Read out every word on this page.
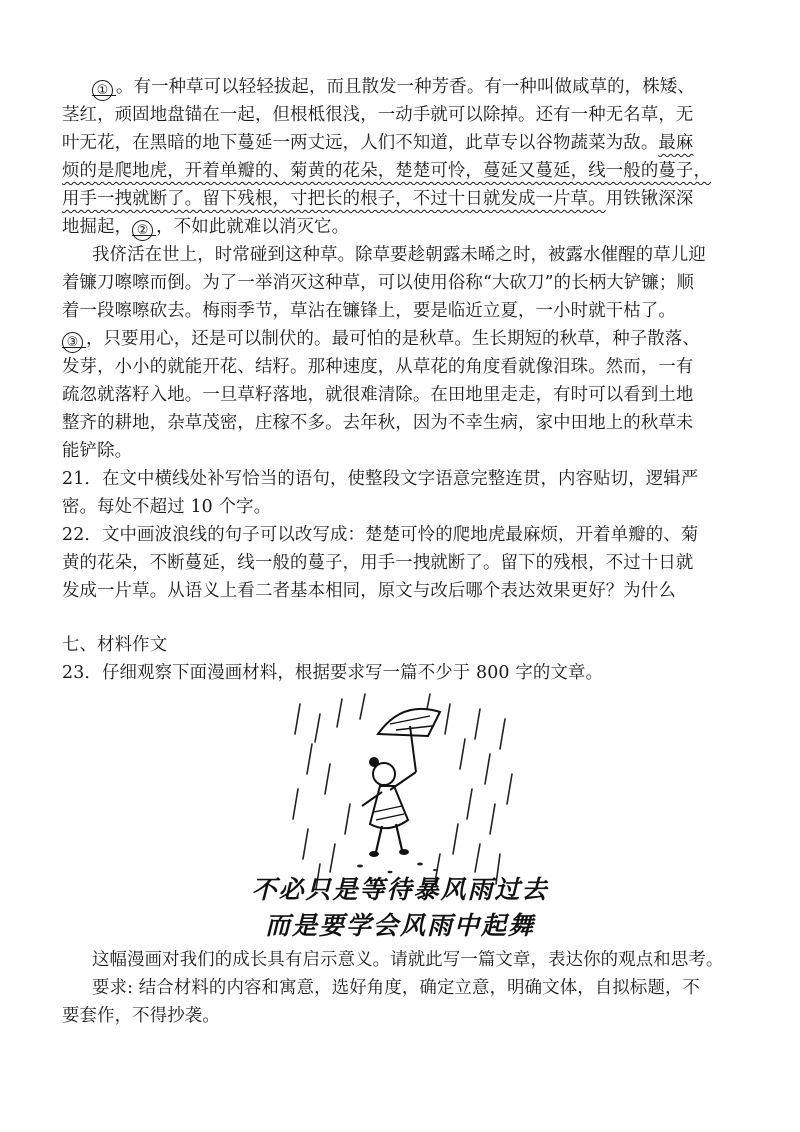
① 。有一种草可以轻轻拔起，而且散发一种芳香。有一种叫做咸草的，株矮、
茎红，顽固地盘锚在一起，但根柢很浅，一动手就可以除掉。还有一种无名草，无
叶无花，在黑暗的地下蔓延一两丈远，人们不知道，此草专以谷物蔬菜为敌。最麻
烦的是爬地虎，开着单瓣的、菊黄的花朵，楚楚可怜，蔓延又蔓延，线一般的蔓子，
用手一拽就断了。留下残根，寸把长的根子，不过十日就发成一片草。用铁锹深深
地掘起， ② ，不如此就难以消灭它。
我侪活在世上，时常碰到这种草。除草要趁朝露未晞之时，被露水催醒的草儿迎
着镰刀嚓嚓而倒。为了一举消灭这种草，可以使用俗称“大砍刀”的长柄大铲镰；顺
着一段嚓嚓砍去。梅雨季节，草沾在镰锋上，要是临近立夏，一小时就干枯了。
③ ，只要用心，还是可以制伏的。最可怕的是秋草。生长期短的秋草，种子散落、
发芽，小小的就能开花、结籽。那种速度，从草花的角度看就像泪珠。然而，一有
疏忽就落籽入地。一旦草籽落地，就很难清除。在田地里走走，有时可以看到土地
整齐的耕地，杂草茂密，庄稼不多。去年秋，因为不幸生病，家中田地上的秋草未
能铲除。
21．在文中横线处补写恰当的语句，使整段文字语意完整连贯，内容贴切，逻辑严
密。每处不超过 10 个字。
22．文中画波浪线的句子可以改写成：楚楚可怜的爬地虎最麻烦，开着单瓣的、菊
黄的花朵，不断蔓延，线一般的蔓子，用手一拽就断了。留下的残根，不过十日就
发成一片草。从语义上看二者基本相同，原文与改后哪个表达效果更好？为什么
七、材料作文
23．仔细观察下面漫画材料，根据要求写一篇不少于 800 字的文章。
不必只是等待暴风雨过去
而是要学会风雨中起舞
这幅漫画对我们的成长具有启示意义。请就此写一篇文章，表达你的观点和思考。
要求: 结合材料的内容和寓意，选好角度，确定立意，明确文体，自拟标题，不
要套作，不得抄袭。
